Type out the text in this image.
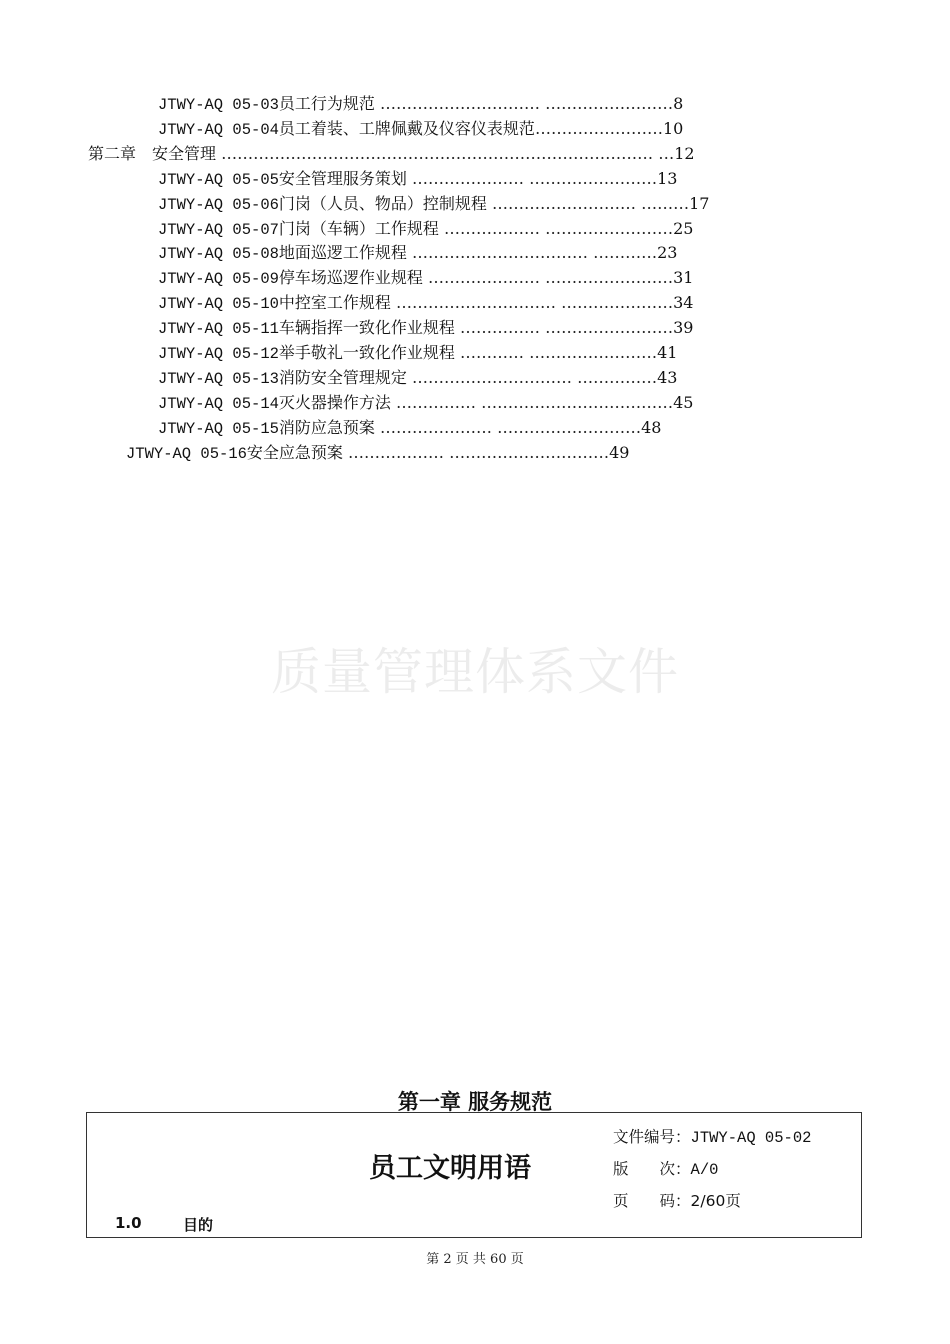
JTWY-AQ 05-03员工行为规范 ………………………… ……………………8
JTWY-AQ 05-04员工着装、工牌佩戴及仪容仪表规范……………………10
第二章　安全管理 ……………………………………………………………………… …12
JTWY-AQ 05-05安全管理服务策划 ………………… ……………………13
JTWY-AQ 05-06门岗（人员、物品）控制规程 ……………………… ………17
JTWY-AQ 05-07门岗（车辆）工作规程 ……………… ……………………25
JTWY-AQ 05-08地面巡逻工作规程 …………………………… …………23
JTWY-AQ 05-09停车场巡逻作业规程 ………………… ……………………31
JTWY-AQ 05-10中控室工作规程 ………………………… …………………34
JTWY-AQ 05-11车辆指挥一致化作业规程 …………… ……………………39
JTWY-AQ 05-12举手敬礼一致化作业规程 ………… ……………………41
JTWY-AQ 05-13消防安全管理规定 ………………………… ……………43
JTWY-AQ 05-14灭火器操作方法 …………… ………………………………45
JTWY-AQ 05-15消防应急预案 ………………… ………………………48
JTWY-AQ 05-16安全应急预案 ……………… …………………………49
质量管理体系文件
第一章 服务规范
员工文明用语
文件编号：JTWY-AQ 05-02
版　　次：A/0
页　　码：2/60页
1.0	目的
第 2 页 共 60 页
